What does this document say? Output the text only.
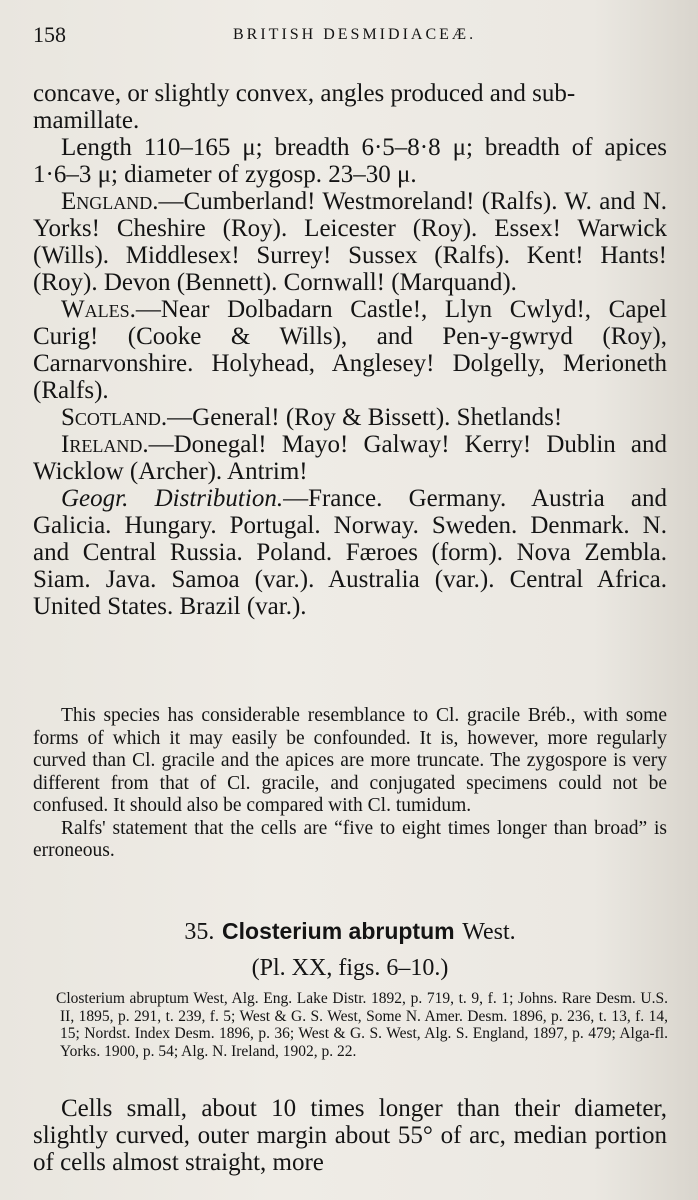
158	BRITISH DESMIDIACEÆ.

concave, or slightly convex, angles produced and sub-

mamillate.

Length 110–165 μ; breadth 6·5–8·8 μ; breadth of apices 1·6–3 μ; diameter of zygosp. 23–30 μ.

England.—Cumberland! Westmoreland! (Ralfs). W. and N. Yorks! Cheshire (Roy). Leicester (Roy). Essex! Warwick (Wills). Middlesex! Surrey! Sussex (Ralfs). Kent! Hants! (Roy). Devon (Bennett). Cornwall! (Marquand).

Wales.—Near Dolbadarn Castle!, Llyn Cwlyd!, Capel Curig! (Cooke & Wills), and Pen-y-gwryd (Roy), Carnarvonshire. Holyhead, Anglesey! Dolgelly, Merioneth (Ralfs).

Scotland.—General! (Roy & Bissett). Shetlands!

Ireland.—Donegal! Mayo! Galway! Kerry! Dublin and Wicklow (Archer). Antrim!

Geogr. Distribution.—France. Germany. Austria and Galicia. Hungary. Portugal. Norway. Sweden. Denmark. N. and Central Russia. Poland. Færoes (form). Nova Zembla. Siam. Java. Samoa (var.). Australia (var.). Central Africa. United States. Brazil (var.).

This species has considerable resemblance to Cl. gracile Bréb., with some forms of which it may easily be confounded. It is, however, more regularly curved than Cl. gracile and the apices are more truncate. The zygospore is very different from that of Cl. gracile, and conjugated specimens could not be confused. It should also be compared with Cl. tumidum.

Ralfs' statement that the cells are “five to eight times longer than broad” is erroneous.

35. Closterium abruptum West.
(Pl. XX, figs. 6–10.)

Closterium abruptum West, Alg. Eng. Lake Distr. 1892, p. 719, t. 9, f. 1; Johns. Rare Desm. U.S. II, 1895, p. 291, t. 239, f. 5; West & G. S. West, Some N. Amer. Desm. 1896, p. 236, t. 13, f. 14, 15; Nordst. Index Desm. 1896, p. 36; West & G. S. West, Alg. S. England, 1897, p. 479; Alga-fl. Yorks. 1900, p. 54; Alg. N. Ireland, 1902, p. 22.

Cells small, about 10 times longer than their diameter, slightly curved, outer margin about 55° of arc, median portion of cells almost straight, more
